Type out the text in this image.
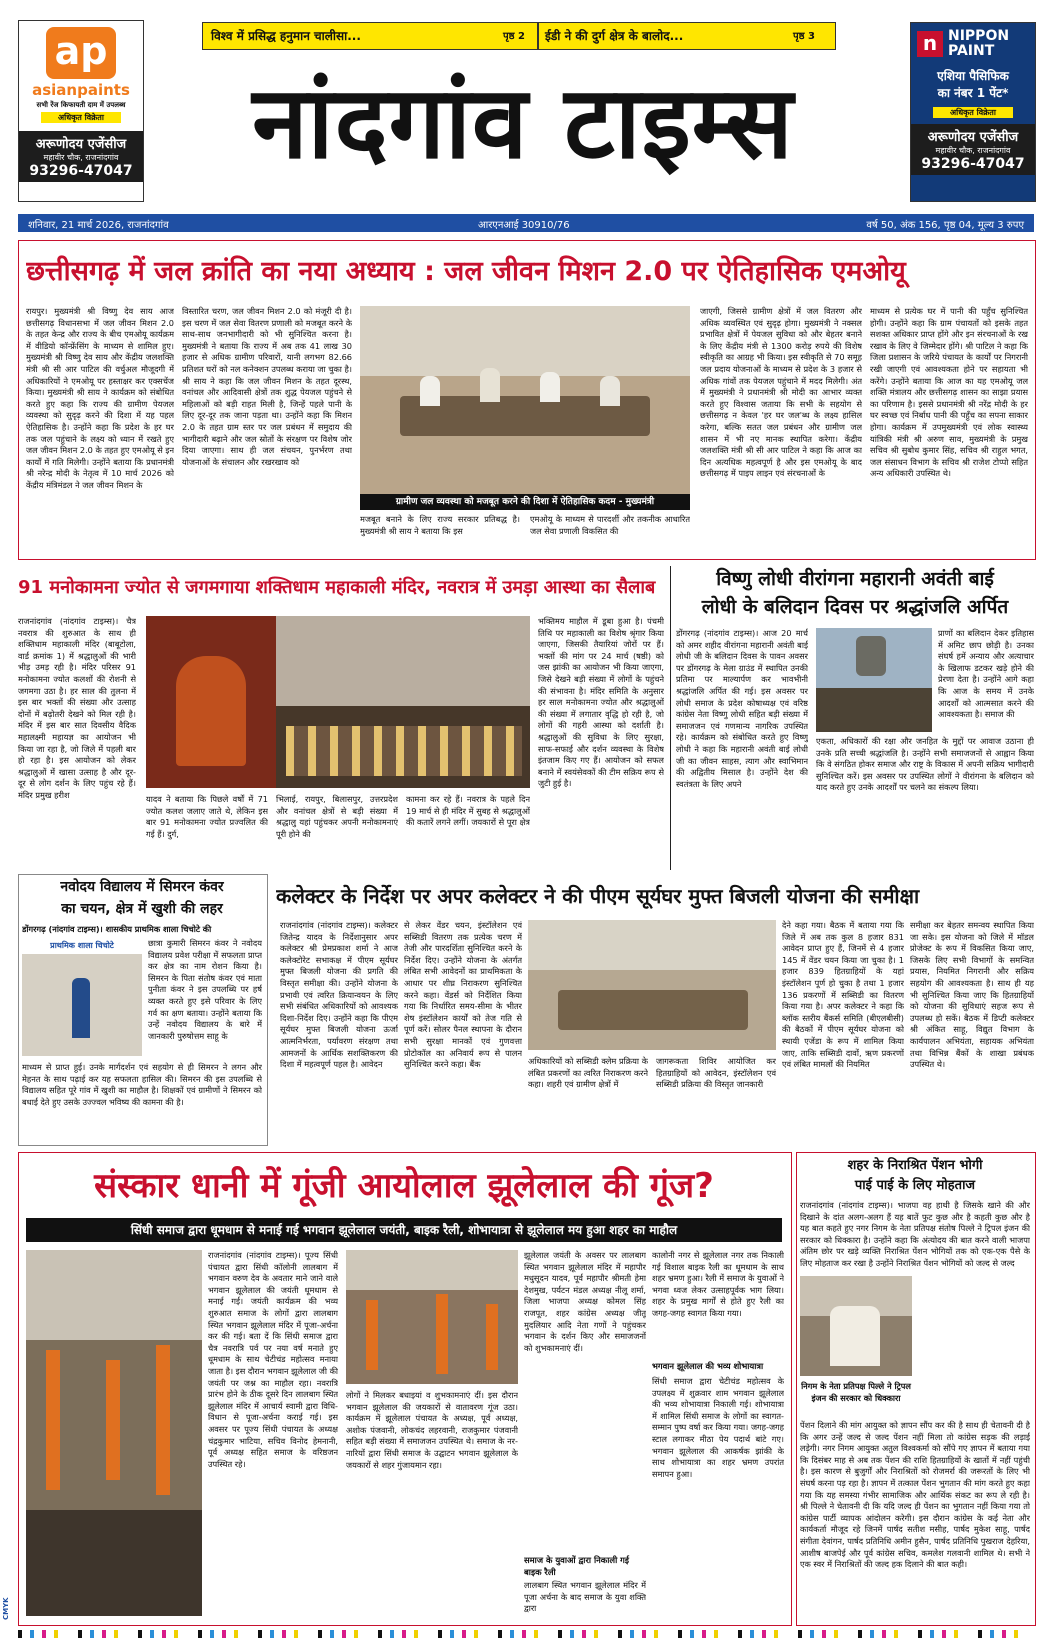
ap
asianpaints
सभी रेंज किफायती दाम में उपलब्ध
अधिकृत विक्रेता
अरूणोदय एजेंसीज
महावीर चौक, राजनांदगांव
93296-47047
विश्व में प्रसिद्ध हनुमान चालीसा...	पृष्ठ 2 ईडी ने की दुर्ग क्षेत्र के बालोद...	पृष्ठ 3
नांदगांव टाइम्स
n NIPPON
PAINT
एशिया पैसिफिक
का नंबर 1 पेंट*
अधिकृत विक्रेता
अरूणोदय एजेंसीज
महावीर चौक, राजनांदगांव
93296-47047
शनिवार, 21 मार्च 2026, राजनांदगांव	आरएनआई 30910/76	वर्ष 50, अंक 156, पृष्ठ 04, मूल्य 3 रुपए
छत्तीसगढ़ में जल क्रांति का नया अध्याय : जल जीवन मिशन 2.0 पर ऐतिहासिक एमओयू
रायपुर। मुख्यमंत्री श्री विष्णु देव साय आज छत्तीसगढ़ विधानसभा में जल जीवन मिशन 2.0 के तहत केन्द्र और राज्य के बीच एमओयू कार्यक्रम में वीडियो कॉन्फ्रेंसिंग के माध्यम से शामिल हुए। मुख्यमंत्री श्री विष्णु देव साय और केंद्रीय जलशक्ति मंत्री श्री सी आर पाटिल की वर्चुअल मौजूदगी में अधिकारियों ने एमओयू पर हस्ताक्षर कर एक्सचेंज किया। मुख्यमंत्री श्री साय ने कार्यक्रम को संबोधित करते हुए कहा कि राज्य की ग्रामीण पेयजल व्यवस्था को सुदृढ़ करने की दिशा में यह पहल ऐतिहासिक है। उन्होंने कहा कि प्रदेश के हर घर तक जल पहुंचाने के लक्ष्य को ध्यान में रखते हुए जल जीवन मिशन 2.0 के तहत हुए एमओयू से इन कार्यों में गति मिलेगी। उन्होंने बताया कि प्रधानमंत्री श्री नरेन्द्र मोदी के नेतृत्व में 10 मार्च 2026 को केंद्रीय मंत्रिमंडल ने जल जीवन मिशन के
विस्तारित चरण, जल जीवन मिशन 2.0 को मंजूरी दी है। इस चरण में जल सेवा वितरण प्रणाली को मजबूत करने के साथ-साथ जनभागीदारी को भी सुनिश्चित करना है। मुख्यमंत्री ने बताया कि राज्य में अब तक 41 लाख 30 हजार से अधिक ग्रामीण परिवारों, यानी लगभग 82.66 प्रतिशत घरों को नल कनेक्शन उपलब्ध कराया जा चुका है। श्री साय ने कहा कि जल जीवन मिशन के तहत दूरस्थ, वनांचल और आदिवासी क्षेत्रों तक शुद्ध पेयजल पहुंचने से महिलाओं को बड़ी राहत मिली है, जिन्हें पहले पानी के लिए दूर-दूर तक जाना पड़ता था। उन्होंने कहा कि मिशन 2.0 के तहत ग्राम स्तर पर जल प्रबंधन में समुदाय की भागीदारी बढ़ाने और जल स्रोतों के संरक्षण पर विशेष जोर दिया जाएगा। साथ ही जल संचयन, पुनर्भरण तथा योजनाओं के संचालन और रखरखाव को
ग्रामीण जल व्यवस्था को मजबूत करने की दिशा में ऐतिहासिक कदम - मुख्यमंत्री
मजबूत बनाने के लिए राज्य सरकार प्रतिबद्ध है। मुख्यमंत्री श्री साय ने बताया कि इस
एमओयू के माध्यम से पारदर्शी और तकनीक आधारित जल सेवा प्रणाली विकसित की
जाएगी, जिससे ग्रामीण क्षेत्रों में जल वितरण और अधिक व्यवस्थित एवं सुदृढ़ होगा। मुख्यमंत्री ने नक्सल प्रभावित क्षेत्रों में पेयजल सुविधा को और बेहतर बनाने के लिए केंद्रीय मंत्री से 1300 करोड़ रुपये की विशेष स्वीकृति का आग्रह भी किया। इस स्वीकृति से 70 समूह जल प्रदाय योजनाओं के माध्यम से प्रदेश के 3 हजार से अधिक गांवों तक पेयजल पहुंचाने में मदद मिलेगी। अंत में मुख्यमंत्री ने प्रधानमंत्री श्री मोदी का आभार व्यक्त करते हुए विश्वास जताया कि सभी के सहयोग से छत्तीसगढ़ न केवल 'हर घर जल'ब्ध के लक्ष्य हासिल करेगा, बल्कि सतत जल प्रबंधन और ग्रामीण जल शासन में भी नए मानक स्थापित करेगा। केंद्रीय जलशक्ति मंत्री श्री सी आर पाटिल ने कहा कि आज का दिन अत्यधिक महत्वपूर्ण है और इस एमओयू के बाद छत्तीसगढ़ में पाइप लाइन एवं संरचनाओं के
माध्यम से प्रत्येक घर में पानी की पहुँच सुनिश्चित होगी। उन्होंने कहा कि ग्राम पंचायतों को इसके तहत सशक्त अधिकार प्राप्त होंगे और इन संरचनाओं के रख रखाव के लिए वे जिम्मेदार होंगे। श्री पाटिल ने कहा कि जिला प्रशासन के जरिये पंचायत के कार्यों पर निगरानी रखी जाएगी एवं आवश्यकता होने पर सहायता भी करेंगे। उन्होंने बताया कि आज का यह एमओयू जल शक्ति मंत्रालय और छत्तीसगढ़ शासन का साझा प्रयास का परिणाम है। इससे प्रधानमंत्री श्री नरेंद्र मोदी के हर घर स्वच्छ एवं निर्बाध पानी की पहुँच का सपना साकार होगा। कार्यक्रम में उपमुख्यमंत्री एवं लोक स्वास्थ्य यांत्रिकी मंत्री श्री अरुण साव, मुख्यमंत्री के प्रमुख सचिव श्री सुबोध कुमार सिंह, सचिव श्री राहुल भगत, जल संसाधन विभाग के सचिव श्री राजेश टोप्पो सहित अन्य अधिकारी उपस्थित थे।
91 मनोकामना ज्योत से जगमगाया शक्तिधाम महाकाली मंदिर, नवरात्र में उमड़ा आस्था का सैलाब
राजनांदगांव (नांदगांव टाइम्स)। चैत्र नवरात्र की शुरुआत के साथ ही शक्तिधाम महाकाली मंदिर (बाबूटोला, वार्ड क्रमांक 1) में श्रद्धालुओं की भारी भीड़ उमड़ रही है। मंदिर परिसर 91 मनोकामना ज्योत कलशों की रोशनी से जगमगा उठा है। हर साल की तुलना में इस बार भक्तों की संख्या और उत्साह दोनों में बढ़ोतरी देखने को मिल रही है। मंदिर में इस बार सात दिवसीय वैदिक महालक्ष्मी महायज्ञ का आयोजन भी किया जा रहा है, जो जिले में पहली बार हो रहा है। इस आयोजन को लेकर श्रद्धालुओं में खासा उत्साह है और दूर-दूर से लोग दर्शन के लिए पहुंच रहे हैं। मंदिर प्रमुख हरीश	यादव ने बताया कि पिछले वर्षों में 71 ज्योत कलश जलाए जाते थे, लेकिन इस बार 91 मनोकामना ज्योत प्रज्वलित की गई हैं। दुर्ग,
भिलाई, रायपुर, बिलासपुर, उत्तरप्रदेश और वनांचल क्षेत्रों से बड़ी संख्या में श्रद्धालु यहां पहुंचकर अपनी मनोकामनाएं पूरी होने की
कामना कर रहे हैं। नवरात्र के पहले दिन 19 मार्च से ही मंदिर में सुबह से श्रद्धालुओं की कतारें लगने लगीं। जयकारों से पूरा क्षेत्र
भक्तिमय माहौल में डूबा हुआ है। पंचमी तिथि पर महाकाली का विशेष श्रृंगार किया जाएगा, जिसकी तैयारियां जोरों पर हैं। भक्तों की मांग पर 24 मार्च (षष्ठी) को जस झांकी का आयोजन भी किया जाएगा, जिसे देखने बड़ी संख्या में लोगों के पहुंचने की संभावना है। मंदिर समिति के अनुसार हर साल मनोकामना ज्योत और श्रद्धालुओं की संख्या में लगातार वृद्धि हो रही है, जो लोगों की गहरी आस्था को दर्शाती है। श्रद्धालुओं की सुविधा के लिए सुरक्षा, साफ-सफाई और दर्शन व्यवस्था के विशेष इंतजाम किए गए हैं। आयोजन को सफल बनाने में स्वयंसेवकों की टीम सक्रिय रूप से जुटी हुई है।
विष्णु लोधी वीरांगना महारानी अवंती बाई
लोधी के बलिदान दिवस पर श्रद्धांजलि अर्पित
डोंगरगढ़ (नांदगांव टाइम्स)। आज 20 मार्च को अमर शहीद वीरांगना महारानी अवंती बाई लोधी जी के बलिदान दिवस के पावन अवसर पर डोंगरगढ़ के मेला ग्राउंड में स्थापित उनकी प्रतिमा पर माल्यार्पण कर भावभीनी श्रद्धांजलि अर्पित की गई। इस अवसर पर लोधी समाज के प्रदेश कोषाध्यक्ष एवं वरिष्ठ कांग्रेस नेता विष्णु लोधी सहित बड़ी संख्या में समाजजन एवं गणमान्य नागरिक उपस्थित रहे। कार्यक्रम को संबोधित करते हुए विष्णु लोधी ने कहा कि महारानी अवंती बाई लोधी जी का जीवन साहस, त्याग और स्वाभिमान की अद्वितीय मिसाल है। उन्होंने देश की स्वतंत्रता के लिए अपने
प्राणों का बलिदान देकर इतिहास में अमिट छाप छोड़ी है। उनका संघर्ष हमें अन्याय और अत्याचार के खिलाफ डटकर खड़े होने की प्रेरणा देता है। उन्होंने आगे कहा कि आज के समय में उनके आदर्शों को आत्मसात करने की आवश्यकता है। समाज की
एकता, अधिकारों की रक्षा और जनहित के मुद्दों पर आवाज उठाना ही उनके प्रति सच्ची श्रद्धांजलि है। उन्होंने सभी समाजजनों से आह्वान किया कि वे संगठित होकर समाज और राष्ट्र के विकास में अपनी सक्रिय भागीदारी सुनिश्चित करें। इस अवसर पर उपस्थित लोगों ने वीरांगना के बलिदान को याद करते हुए उनके आदर्शों पर चलने का संकल्प लिया।
नवोदय विद्यालय में सिमरन कंवर
का चयन, क्षेत्र में खुशी की लहर
डोंगरगढ़ (नांदगांव टाइम्स)। शासकीय प्राथमिक शाला चिचोटे की
प्राथमिक शाला चिचोटे	छात्रा कुमारी सिमरन कंवर ने नवोदय विद्यालय प्रवेश परीक्षा में सफलता प्राप्त कर क्षेत्र का नाम रोशन किया है। सिमरन के पिता संतोष कंवर एवं माता पुनीता कंवर ने इस उपलब्धि पर हर्ष व्यक्त करते हुए इसे परिवार के लिए गर्व का क्षण बताया। उन्होंने बताया कि उन्हें नवोदय विद्यालय के बारे में जानकारी पुरुषोत्तम साहू के
माध्यम से प्राप्त हुई। उनके मार्गदर्शन एवं सहयोग से ही सिमरन ने लगन और मेहनत के साथ पढ़ाई कर यह सफलता हासिल की। सिमरन की इस उपलब्धि से विद्यालय सहित पूरे गांव में खुशी का माहौल है। शिक्षकों एवं ग्रामीणों ने सिमरन को बधाई देते हुए उसके उज्ज्वल भविष्य की कामना की है।
कलेक्टर के निर्देश पर अपर कलेक्टर ने की पीएम सूर्यघर मुफ्त बिजली योजना की समीक्षा
राजनांदगांव (नांदगांव टाइम्स)। कलेक्टर जितेन्द्र यादव के निर्देशानुसार अपर कलेक्टर श्री प्रेमप्रकाश शर्मा ने आज कलेक्टोरेट सभाकक्ष में पीएम सूर्यघर मुफ्त बिजली योजना की प्रगति की विस्तृत समीक्षा की। उन्होंने योजना के प्रभावी एवं त्वरित क्रियान्वयन के लिए सभी संबंधित अधिकारियों को आवश्यक दिशा-निर्देश दिए। उन्होंने कहा कि पीएम सूर्यघर मुफ्त बिजली योजना ऊर्जा आत्मनिर्भरता, पर्यावरण संरक्षण तथा आमजनों के आर्थिक सशक्तिकरण की दिशा में महत्वपूर्ण पहल है। आवेदन
से लेकर वेंडर चयन, इंस्टॉलेशन एवं सब्सिडी वितरण तक प्रत्येक चरण में तेजी और पारदर्शिता सुनिश्चित करने के निर्देश दिए। उन्होंने योजना के अंतर्गत लंबित सभी आवेदनों का प्राथमिकता के आधार पर शीघ्र निराकरण सुनिश्चित करने कहा। वेंडर्स को निर्देशित किया गया कि निर्धारित समय-सीमा के भीतर शेष इंस्टॉलेशन कार्यों को तेज गति से पूर्ण करें। सोलर पैनल स्थापना के दौरान सभी सुरक्षा मानकों एवं गुणवत्ता प्रोटोकॉल का अनिवार्य रूप से पालन सुनिश्चित करने कहा। बैंक	अधिकारियों को सब्सिडी क्लेम प्रक्रिया के लंबित प्रकरणों का त्वरित निराकरण करने कहा। शहरी एवं ग्रामीण क्षेत्रों में
जागरूकता शिविर आयोजित कर हितग्राहियों को आवेदन, इंस्टॉलेशन एवं सब्सिडी प्रक्रिया की विस्तृत जानकारी
देने कहा गया। बैठक में बताया गया कि जिले में अब तक कुल 8 हजार 831 आवेदन प्राप्त हुए हैं, जिनमें से 4 हजार 145 में वेंडर चयन किया जा चुका है। 1 हजार 839 हितग्राहियों के यहां इंस्टॉलेशन पूर्ण हो चुका है तथा 1 हजार 136 प्रकरणों में सब्सिडी का वितरण किया गया है। अपर कलेक्टर ने कहा कि ब्लॉक स्तरीय बैंकर्स समिति (बीएलबीसी) की बैठकों में पीएम सूर्यघर योजना को स्थायी एजेंडा के रूप में शामिल किया जाए, ताकि सब्सिडी दावों, ऋण प्रकरणों एवं लंबित मामलों की नियमित
समीक्षा कर बेहतर समन्वय स्थापित किया जा सके। इस योजना को जिले में मॉडल प्रोजेक्ट के रूप में विकसित किया जाए, जिसके लिए सभी विभागों के समन्वित प्रयास, नियमित निगरानी और सक्रिय सहयोग की आवश्यकता है। साथ ही यह भी सुनिश्चित किया जाए कि हितग्राहियों को योजना की सुविधाएं सहज रूप से उपलब्ध हो सकें। बैठक में डिप्टी कलेक्टर श्री अंकित साहू, विद्युत विभाग के कार्यपालन अभियंता, सहायक अभियंता तथा विभिन्न बैंकों के शाखा प्रबंधक उपस्थित थे।
संस्कार धानी में गूंजी आयोलाल झूलेलाल की गूंज?
सिंधी समाज द्वारा धूमधाम से मनाई गई भगवान झूलेलाल जयंती, बाइक रैली, शोभायात्रा से झूलेलाल मय हुआ शहर का माहौल
राजनांदगांव (नांदगांव टाइम्स)। पूज्य सिंधी पंचायत द्वारा सिंधी कॉलोनी लालबाग में भगवान वरुण देव के अवतार माने जाने वाले भगवान झूलेलाल की जयंती धूमधाम से मनाई गई। जयंती कार्यक्रम की भव्य शुरुआत समाज के लोगों द्वारा लालबाग स्थित भगवान झूलेलाल मंदिर में पूजा-अर्चना कर की गई। बता दें कि सिंधी समाज द्वारा चैत्र नवरात्रि पर्व पर नया वर्ष मनाते हुए धूमधाम के साथ चेटीचंड महोत्सव मनाया जाता है। इस दौरान भगवान झूलेलाल जी की जयंती पर जश्न का माहौल रहा। नवरात्रि प्रारंभ होने के ठीक दूसरे दिन लालबाग स्थित झूलेलाल मंदिर में आचार्य स्वामी द्वारा विधि-विधान से पूजा-अर्चना कराई गई। इस अवसर पर पूज्य सिंधी पंचायत के अध्यक्ष चंद्रकुमार भाटिया, सचिव विनोद हेमनानी, पूर्व अध्यक्ष सहित समाज के वरिष्ठजन उपस्थित रहे।
लोगों ने मिलकर बधाइयां व शुभकामनाएं दीं। इस दौरान भगवान झूलेलाल की जयकारों से वातावरण गूंज उठा। कार्यक्रम में झूलेलाल पंचायत के अध्यक्ष, पूर्व अध्यक्ष, अशोक पंजवानी, लोकचंद लहरवानी, राजकुमार पंजवानी सहित बड़ी संख्या में समाजजन उपस्थित थे। समाज के नर-नारियों द्वारा सिंधी समाज के उद्घाटन भगवान झूलेलाल के जयकारों से शहर गुंजायमान रहा।
झूलेलाल जयंती के अवसर पर लालबाग स्थित भगवान झूलेलाल मंदिर में महापौर मधुसूदन यादव, पूर्व महापौर श्रीमती हेमा देशमुख, पर्यटन मंडल अध्यक्ष नीलू शर्मा, जिला भाजपा अध्यक्ष कोमल सिंह राजपूत, शहर कांग्रेस अध्यक्ष जीतू मुदलियार आदि नेता गणों ने पहुंचकर भगवान के दर्शन किए और समाजजनों को शुभकामनाएं दीं।
समाज के युवाओं द्वारा निकाली गई बाइक रैली
लालबाग स्थित भगवान झूलेलाल मंदिर में पूजा अर्चना के बाद समाज के युवा शक्ति द्वारा
कालोनी नगर से झूलेलाल नगर तक निकाली गई विशाल बाइक रैली का धूमधाम के साथ शहर भ्रमण हुआ। रैली में समाज के युवाओं ने भगवा ध्वज लेकर उत्साहपूर्वक भाग लिया। शहर के प्रमुख मार्गों से होते हुए रैली का जगह-जगह स्वागत किया गया।
भगवान झूलेलाल की भव्य शोभायात्रा
सिंधी समाज द्वारा चेटीचंड महोत्सव के उपलक्ष्य में शुक्रवार शाम भगवान झूलेलाल की भव्य शोभायात्रा निकाली गई। शोभायात्रा में शामिल सिंधी समाज के लोगों का स्वागत-सम्मान पुष्प वर्षा कर किया गया। जगह-जगह स्टाल लगाकर मीठा पेय पदार्थ बांटे गए। भगवान झूलेलाल की आकर्षक झांकी के साथ शोभायात्रा का शहर भ्रमण उपरांत समापन हुआ।
शहर के निराश्रित पेंशन भोगी
पाई पाई के लिए मोहताज
राजनांदगांव (नांदगांव टाइम्स)। भाजपा वह हाथी है जिसके खाने की और दिखाने के दांत अलग-अलग हैं यह बातें फुट कुछ और है कहती कुछ और है यह बात कहते हुए नगर निगम के नेता प्रतिपक्ष संतोष पिल्ले ने ट्रिपल इंजन की सरकार को धिक्कारा है। उन्होंने कहा कि अंत्योदय की बात करने वाली भाजपा अंतिम छोर पर खड़े व्यक्ति निराश्रित पेंशन भोगियों तक को एक-एक पैसे के लिए मोहताज कर रखा है उन्होंने निराश्रित पेंशन भोगियों को जल्द से जल्द
निगम के नेता प्रतिपक्ष पिल्ले ने ट्रिपल इंजन की सरकार को धिक्कारा
पेंशन दिलाने की मांग आयुक्त को ज्ञापन सौंप कर की है साथ ही चेतावनी दी है कि अगर उन्हें जल्द से जल्द पेंशन नहीं मिला तो कांग्रेस सड़क की लड़ाई लड़ेगी। नगर निगम आयुक्त अतुल विश्वकर्मा को सौंपे गए ज्ञापन में बताया गया कि दिसंबर माह से अब तक पेंशन की राशि हितग्राहियों के खातों में नहीं पहुंची है। इस कारण से बुजुर्गों और निराश्रितों को रोजमर्रा की जरूरतों के लिए भी संघर्ष करना पड़ रहा है। ज्ञापन में तत्काल पेंशन भुगतान की मांग करते हुए कहा गया कि यह समस्या गंभीर सामाजिक और आर्थिक संकट का रूप ले रही है। श्री पिल्ले ने चेतावनी दी कि यदि जल्द ही पेंशन का भुगतान नहीं किया गया तो कांग्रेस पार्टी व्यापक आंदोलन करेगी। इस दौरान कांग्रेस के कई नेता और कार्यकर्ता मौजूद रहे जिनमें पार्षद सतीश मसीह, पार्षद मुकेश साहू, पार्षद संगीता देवांगन, पार्षद प्रतिनिधि अमीन हुसैन, पार्षद प्रतिनिधि पुखराज देहरिया, आशीष बाजपेई और पूर्व कांग्रेस सचिव, कमलेश गलवानी शामिल थे। सभी ने एक स्वर में निराश्रितों की जल्द हक दिलाने की बात कही।
CMYK
